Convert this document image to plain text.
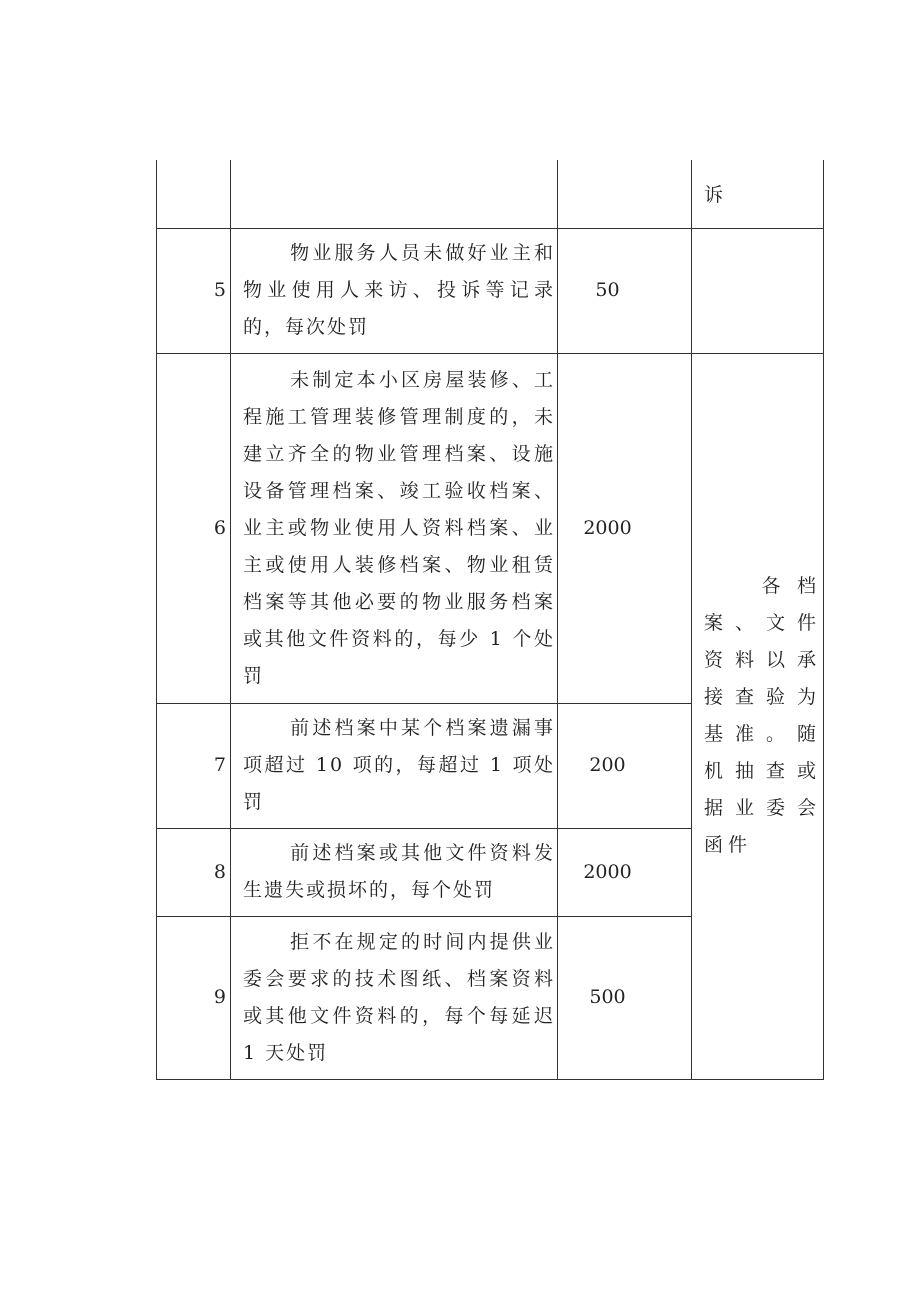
			诉
5	物业服务人员未做好业主和物业使用人来访、投诉等记录的，每次处罚	50	
6	未制定本小区房屋装修、工程施工管理装修管理制度的，未建立齐全的物业管理档案、设施设备管理档案、竣工验收档案、业主或物业使用人资料档案、业主或使用人装修档案、物业租赁档案等其他必要的物业服务档案或其他文件资料的，每少 1 个处罚	2000	各档案、文件资料以承接查验为基准。随机抽查或据业委会函件
7	前述档案中某个档案遗漏事项超过 10 项的，每超过 1 项处罚	200	
8	前述档案或其他文件资料发生遗失或损坏的，每个处罚	2000	
9	拒不在规定的时间内提供业委会要求的技术图纸、档案资料或其他文件资料的，每个每延迟 1 天处罚	500	
